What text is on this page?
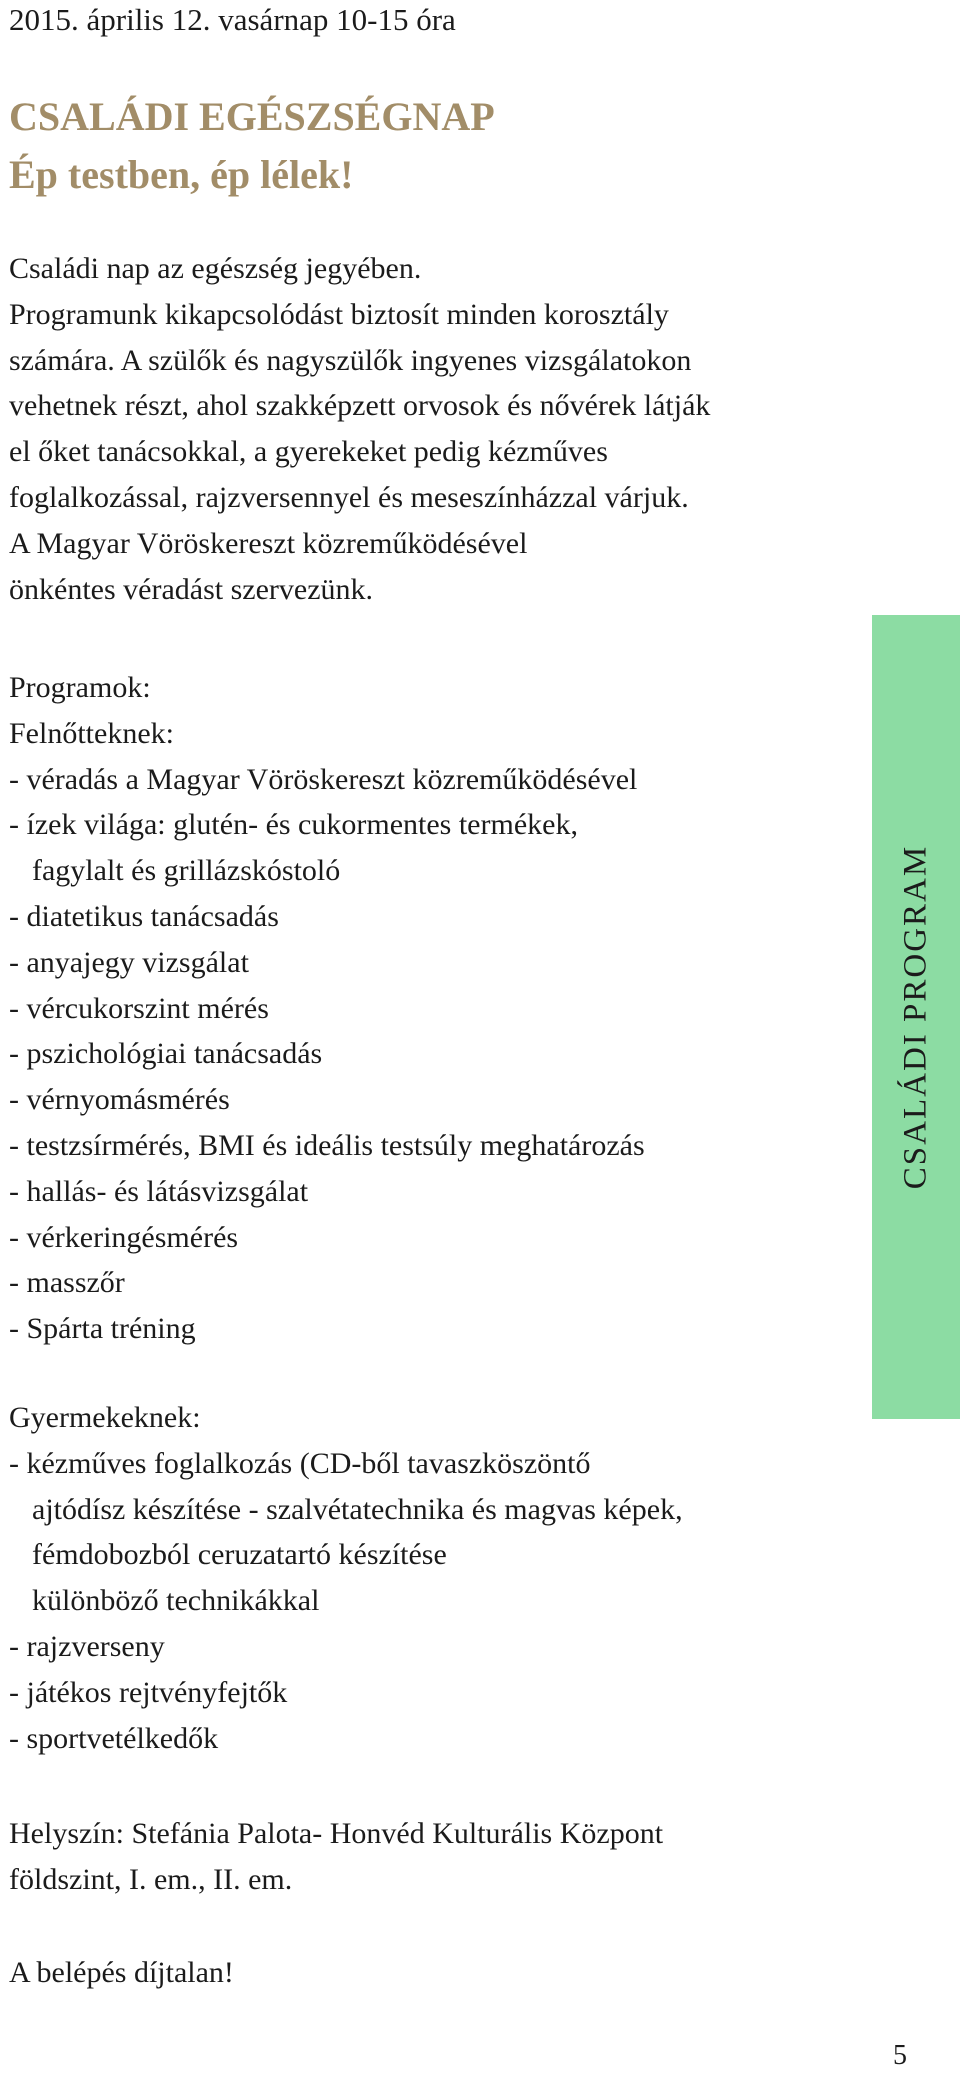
2015. április 12. vasárnap 10-15 óra
CSALÁDI EGÉSZSÉGNAP
Ép testben, ép lélek!
Családi nap az egészség jegyében.
Programunk kikapcsolódást biztosít minden korosztály
számára. A szülők és nagyszülők ingyenes vizsgálatokon
vehetnek részt, ahol szakképzett orvosok és nővérek látják
el őket tanácsokkal, a gyerekeket pedig kézműves
foglalkozással, rajzversennyel és meseszínházzal várjuk.
A Magyar Vöröskereszt közreműködésével
önkéntes véradást szervezünk.
Programok:
Felnőtteknek:
- véradás a Magyar Vöröskereszt közreműködésével
- ízek világa: glutén- és cukormentes termékek,
fagylalt és grillázskóstoló
- diatetikus tanácsadás
- anyajegy vizsgálat
- vércukorszint mérés
- pszichológiai tanácsadás
- vérnyomásmérés
- testzsírmérés, BMI és ideális testsúly meghatározás
- hallás- és látásvizsgálat
- vérkeringésmérés
- masszőr
- Spárta tréning
Gyermekeknek:
- kézműves foglalkozás (CD-ből tavaszköszöntő
ajtódísz készítése - szalvétatechnika és magvas képek,
fémdobozból ceruzatartó készítése
különböző technikákkal
- rajzverseny
- játékos rejtvényfejtők
- sportvetélkedők
Helyszín: Stefánia Palota- Honvéd Kulturális Központ
földszint, I. em., II. em.
A belépés díjtalan!
CSALÁDI PROGRAM
5
